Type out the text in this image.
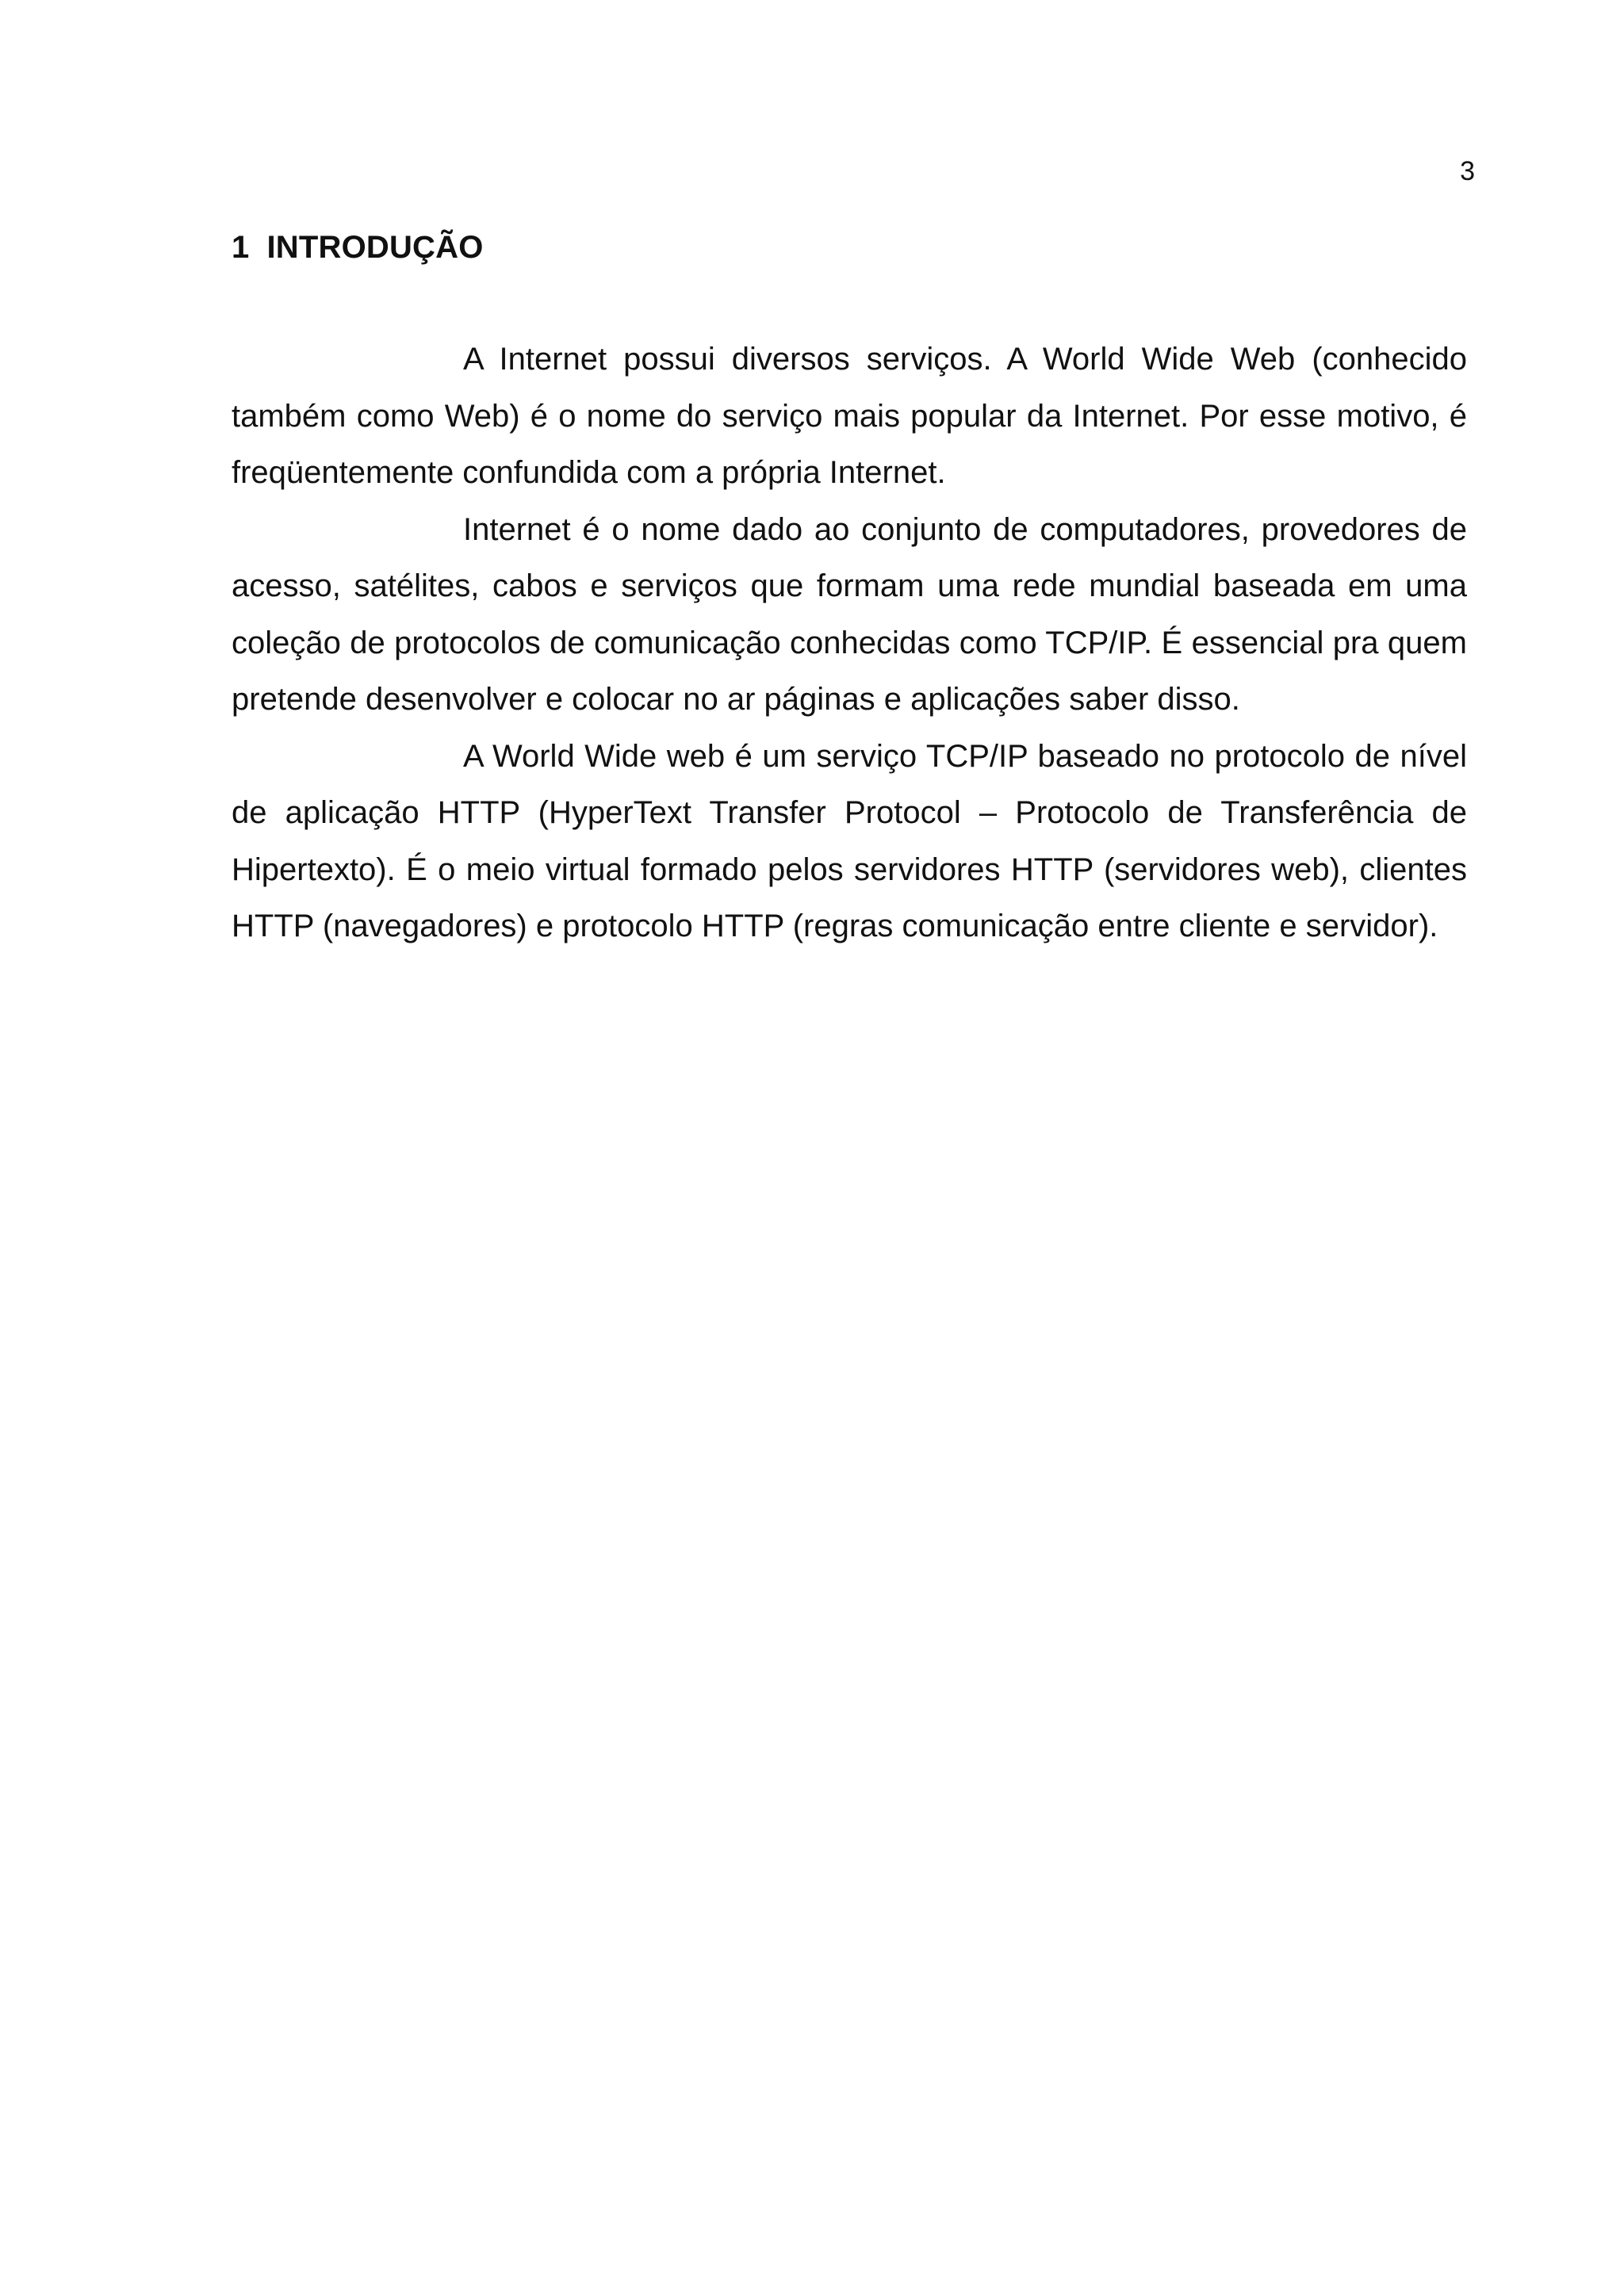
3
1 INTRODUÇÃO

A Internet possui diversos serviços. A World Wide Web (conhecido também como Web) é o nome do serviço mais popular da Internet. Por esse motivo, é freqüentemente confundida com a própria Internet.

Internet é o nome dado ao conjunto de computadores, provedores de acesso, satélites, cabos e serviços que formam uma rede mundial baseada em uma coleção de protocolos de comunicação conhecidas como TCP/IP. É essencial pra quem pretende desenvolver e colocar no ar páginas e aplicações saber disso.

A World Wide web é um serviço TCP/IP baseado no protocolo de nível de aplicação HTTP (HyperText Transfer Protocol – Protocolo de Transferência de Hipertexto). É o meio virtual formado pelos servidores HTTP (servidores web), clientes HTTP (navegadores) e protocolo HTTP (regras comunicação entre cliente e servidor).
